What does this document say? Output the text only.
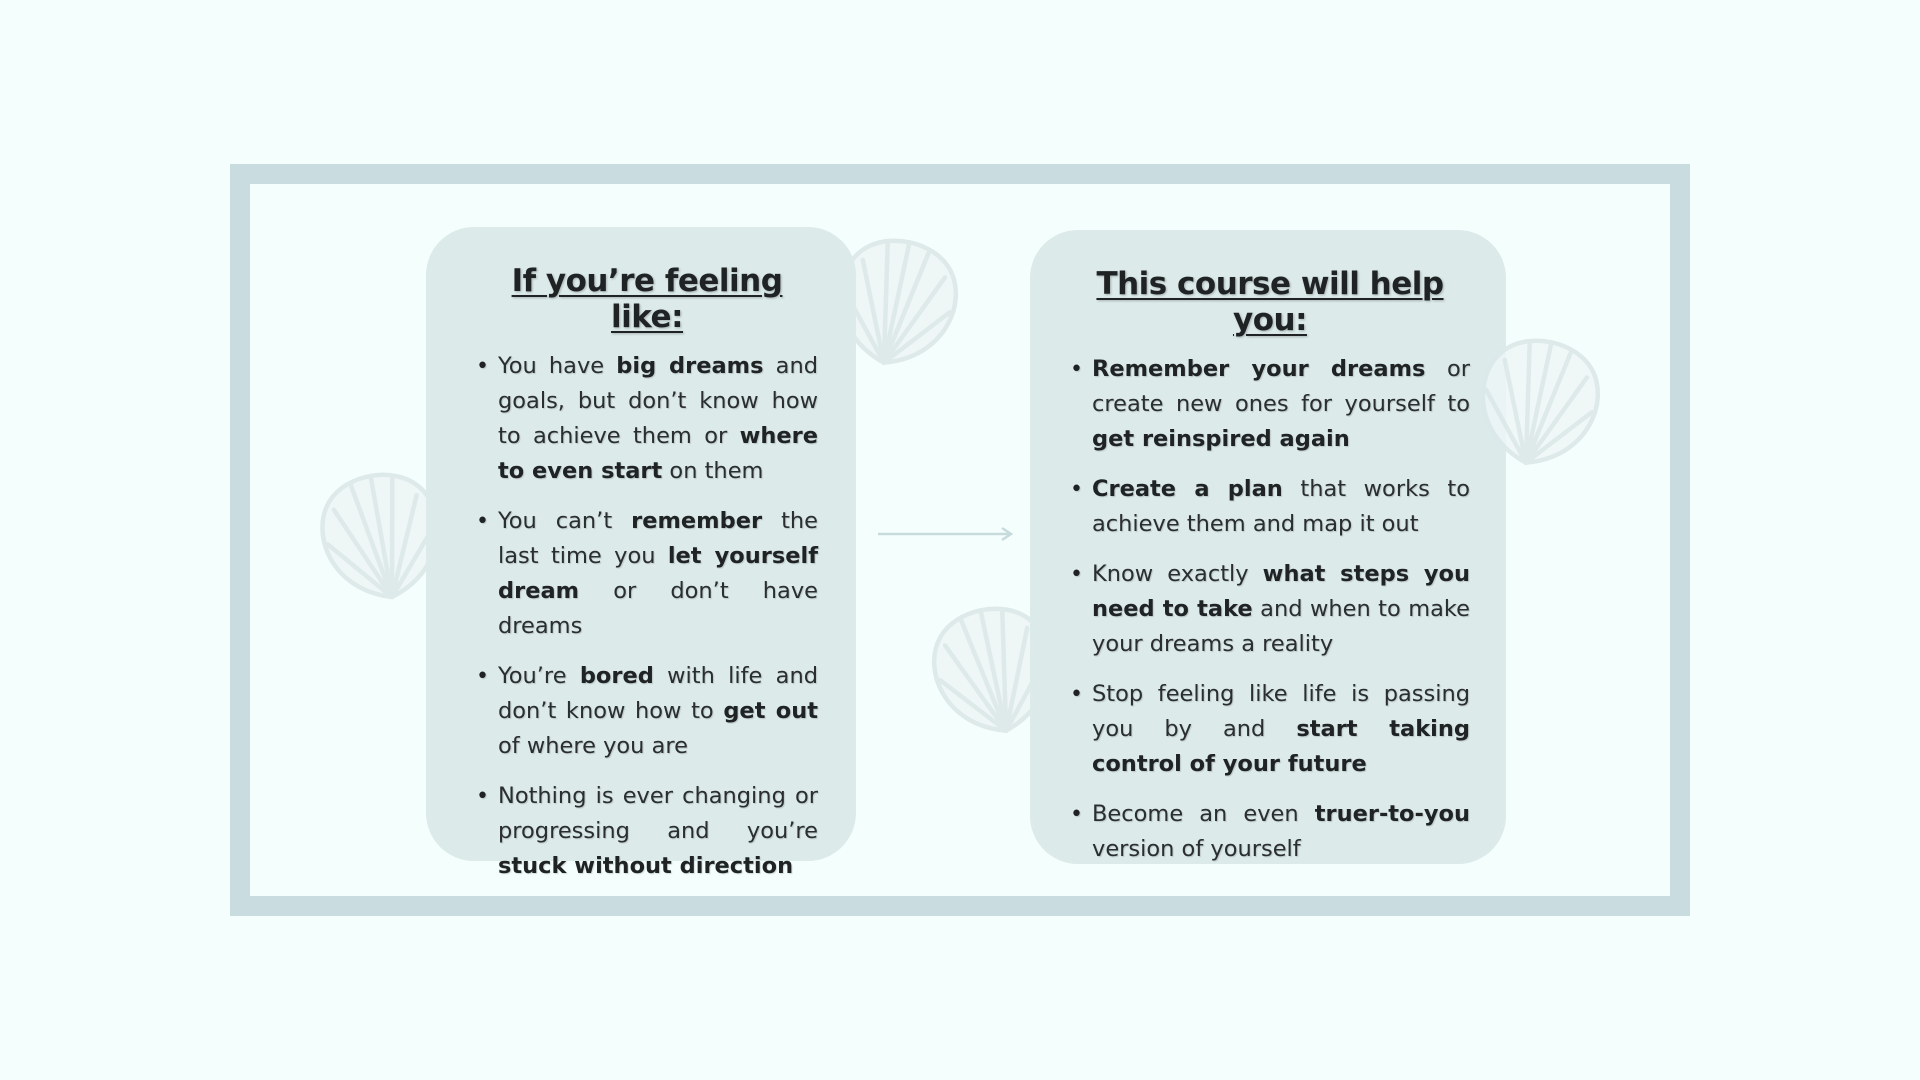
If you’re feeling like:
• You have big dreams and goals, but don’t know how to achieve them or where to even start on them
• You can’t remember the last time you let yourself dream or don’t have dreams
• You’re bored with life and don’t know how to get out of where you are
• Nothing is ever changing or progressing and you’re stuck without direction
This course will help you:
• Remember your dreams or create new ones for yourself to get reinspired again
• Create a plan that works to achieve them and map it out
• Know exactly what steps you need to take and when to make your dreams a reality
• Stop feeling like life is passing you by and start taking control of your future
• Become an even truer-to-you version of yourself
